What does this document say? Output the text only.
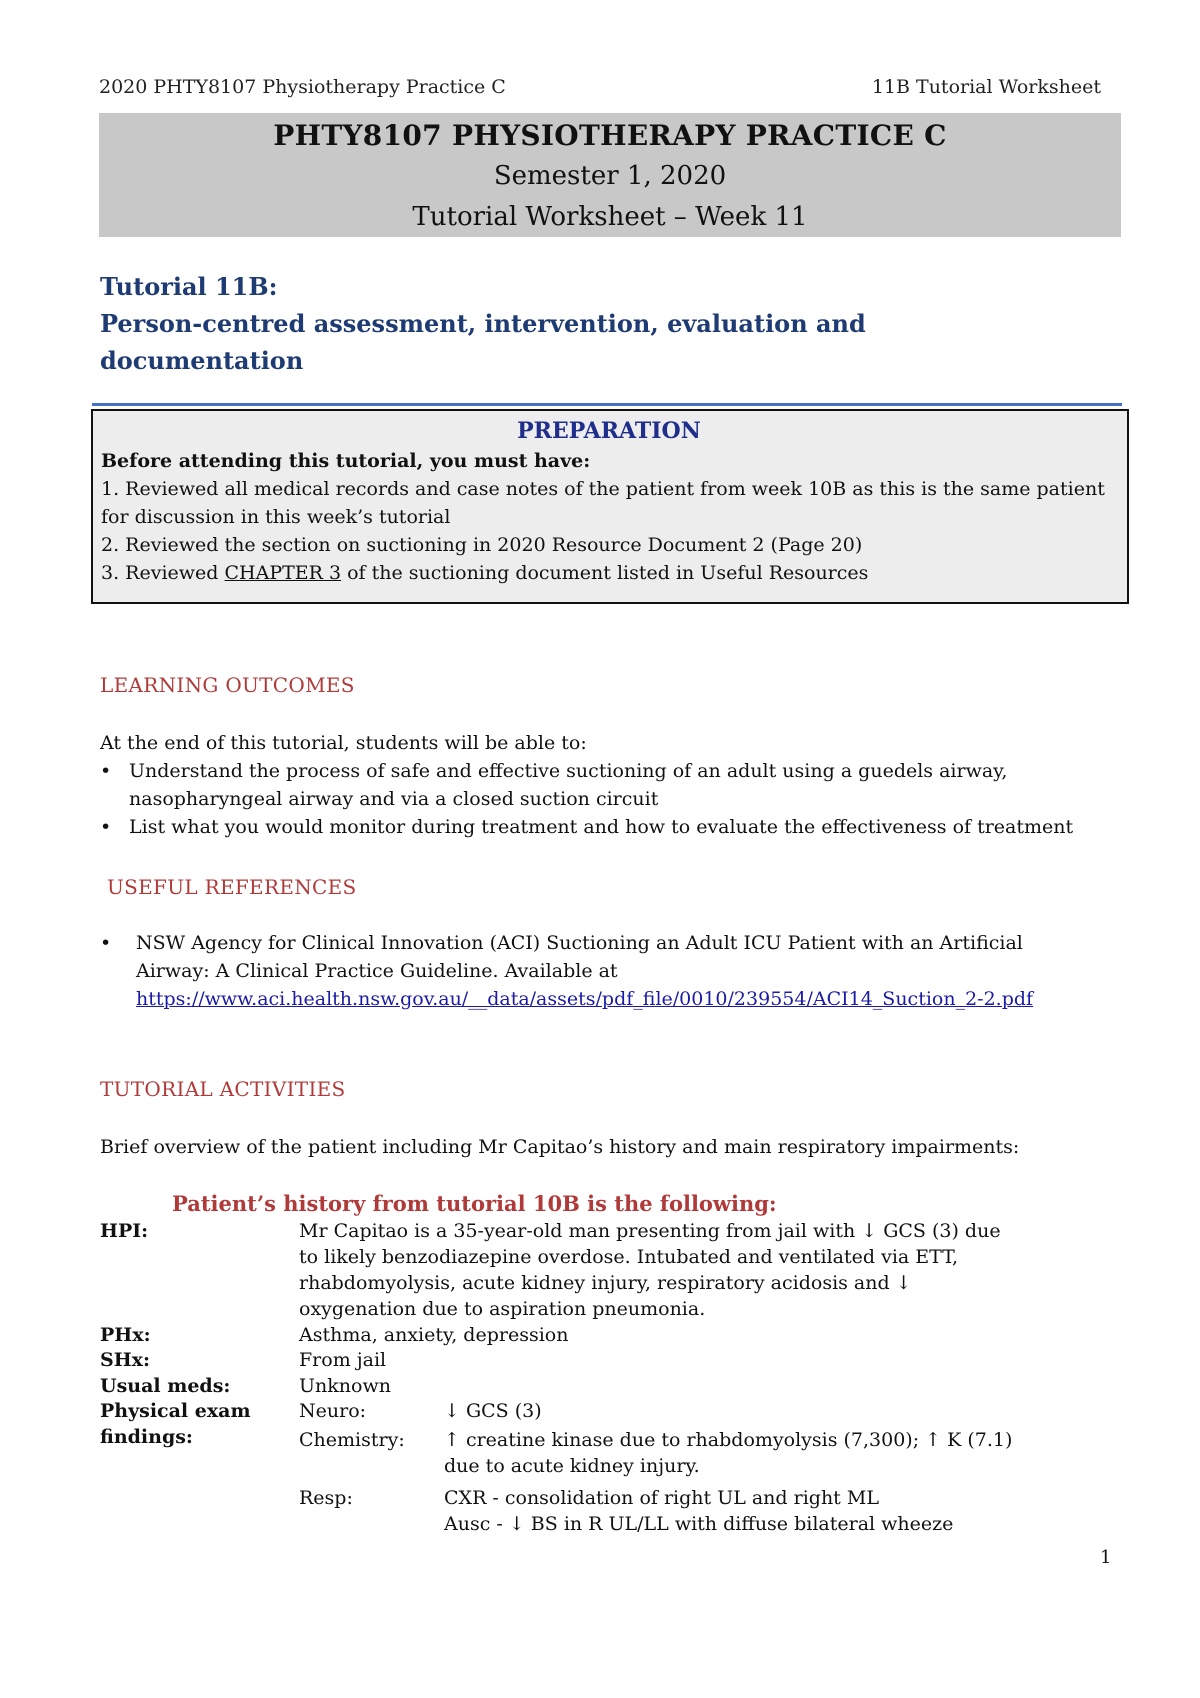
2020 PHTY8107 Physiotherapy Practice C	11B Tutorial Worksheet
PHTY8107 PHYSIOTHERAPY PRACTICE C
Semester 1, 2020
Tutorial Worksheet – Week 11
Tutorial 11B:
Person-centred assessment, intervention, evaluation and
documentation
PREPARATION
Before attending this tutorial, you must have:
1. Reviewed all medical records and case notes of the patient from week 10B as this is the same patient
for discussion in this week’s tutorial
2. Reviewed the section on suctioning in 2020 Resource Document 2 (Page 20)
3. Reviewed CHAPTER 3 of the suctioning document listed in Useful Resources
LEARNING OUTCOMES
At the end of this tutorial, students will be able to:
• Understand the process of safe and effective suctioning of an adult using a guedels airway,
nasopharyngeal airway and via a closed suction circuit
• List what you would monitor during treatment and how to evaluate the effectiveness of treatment
USEFUL REFERENCES
• NSW Agency for Clinical Innovation (ACI) Suctioning an Adult ICU Patient with an Artificial
Airway: A Clinical Practice Guideline. Available at
https://www.aci.health.nsw.gov.au/__data/assets/pdf_file/0010/239554/ACI14_Suction_2-2.pdf
TUTORIAL ACTIVITIES
Brief overview of the patient including Mr Capitao’s history and main respiratory impairments:
Patient’s history from tutorial 10B is the following:
HPI:	Mr Capitao is a 35-year-old man presenting from jail with ↓ GCS (3) due
to likely benzodiazepine overdose. Intubated and ventilated via ETT,
rhabdomyolysis, acute kidney injury, respiratory acidosis and ↓
oxygenation due to aspiration pneumonia.
PHx:	Asthma, anxiety, depression
SHx:	From jail
Usual meds:	Unknown
Physical exam
findings:
Neuro:	↓ GCS (3)
Chemistry: ↑ creatine kinase due to rhabdomyolysis (7,300); ↑ K (7.1)
due to acute kidney injury.
Resp:	CXR - consolidation of right UL and right ML
Ausc - ↓ BS in R UL/LL with diffuse bilateral wheeze
1
